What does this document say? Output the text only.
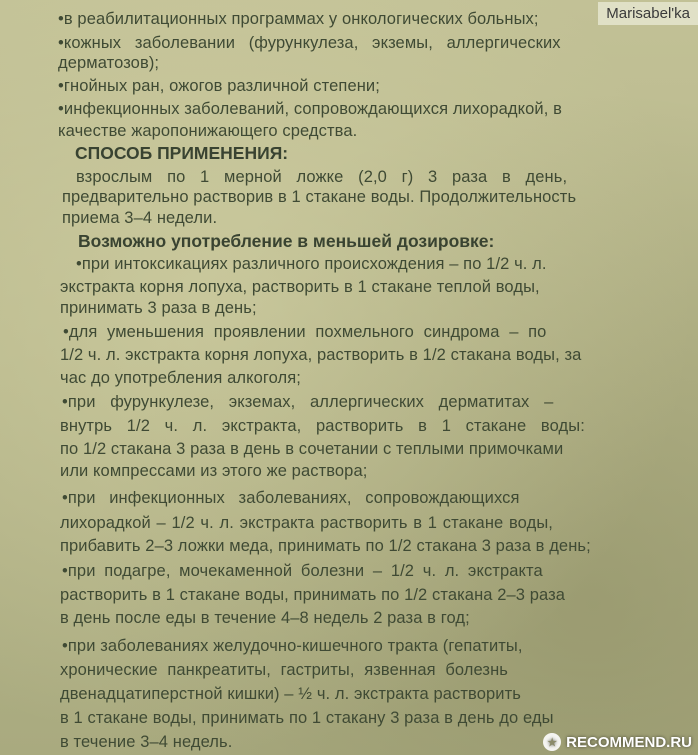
•в реабилитационных программах у онкологических больных;
•кожных заболевании (фурункулеза, экземы, аллергических
дерматозов);
•гнойных ран, ожогов различной степени;
•инфекционных заболеваний, сопровождающихся лихорадкой, в
качестве жаропонижающего средства.
СПОСОБ ПРИМЕНЕНИЯ:
взрослым по 1 мерной ложке (2,0 г) 3 раза в день,
предварительно растворив в 1 стакане воды. Продолжительность
приема 3–4 недели.
Возможно употребление в меньшей дозировке:
•при интоксикациях различного происхождения – по 1/2 ч. л.
экстракта корня лопуха, растворить в 1 стакане теплой воды,
принимать 3 раза в день;
•для уменьшения проявлении похмельного синдрома – по
1/2 ч. л. экстракта корня лопуха, растворить в 1/2 стакана воды, за
час до употребления алкоголя;
•при фурункулезе, экземах, аллергических дерматитах –
внутрь 1/2 ч. л. экстракта, растворить в 1 стакане воды:
по 1/2 стакана 3 раза в день в сочетании с теплыми примочками
или компрессами из этого же раствора;
•при инфекционных заболеваниях, сопровождающихся
лихорадкой – 1/2 ч. л. экстракта растворить в 1 стакане воды,
прибавить 2–3 ложки меда, принимать по 1/2 стакана 3 раза в день;
•при подагре, мочекаменной болезни – 1/2 ч. л. экстракта
растворить в 1 стакане воды, принимать по 1/2 стакана 2–3 раза
в день после еды в течение 4–8 недель 2 раза в год;
•при заболеваниях желудочно-кишечного тракта (гепатиты,
хронические панкреатиты, гастриты, язвенная болезнь
двенадцатиперстной кишки) – ½ ч. л. экстракта растворить
в 1 стакане воды, принимать по 1 стакану 3 раза в день до еды
в течение 3–4 недель.
Marisabel'ka
★ RECOMMEND.RU
